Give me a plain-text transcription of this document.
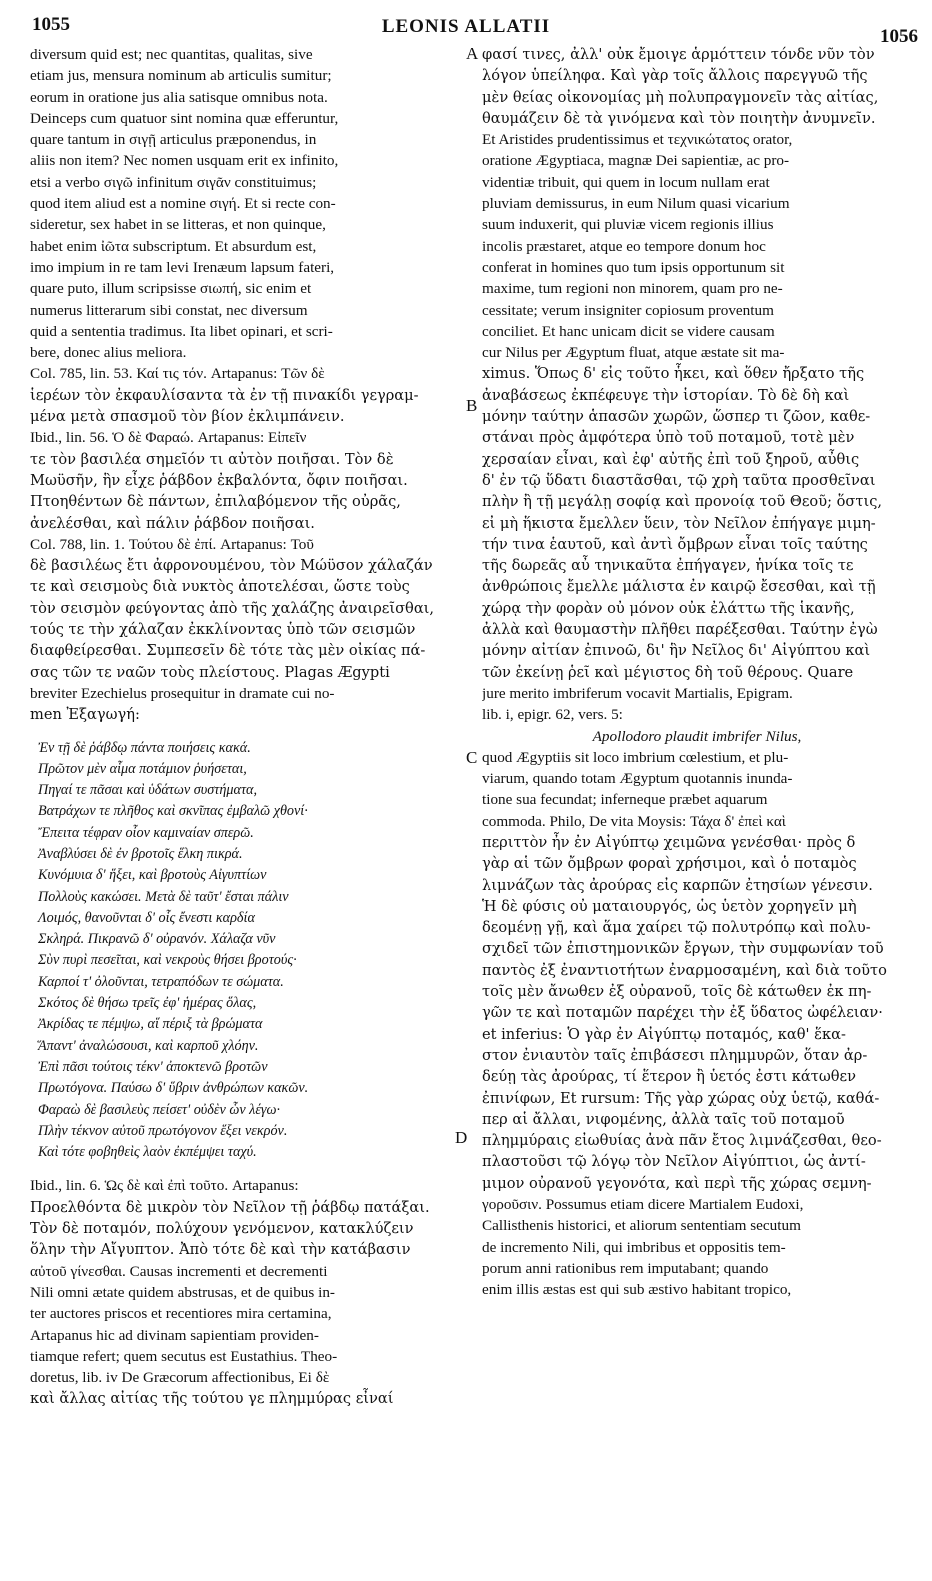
1055	LEONIS ALLATII	1056
A
B
C
D
diversum quid est; nec quantitas, qualitas, sive
etiam jus, mensura nominum ab articulis sumitur;
eorum in oratione jus alia satisque omnibus nota.
Deinceps cum quatuor sint nomina quæ efferuntur,
quare tantum in σιγῇ articulus præponendus, in
aliis non item? Nec nomen usquam erit ex infinito,
etsi a verbo σιγῶ infinitum σιγᾶν constituimus;
quod item aliud est a nomine σιγή. Et si recte con-
sideretur, sex habet in se litteras, et non quinque,
habet enim ἰῶτα subscriptum. Et absurdum est,
imo impium in re tam levi Irenæum lapsum fateri,
quare puto, illum scripsisse σιωπή, sic enim et
numerus litterarum sibi constat, nec diversum
quid a sententia tradimus. Ita libet opinari, et scri-
bere, donec alius meliora.
Col. 785, lin. 53. Καί τις τόν. Artapanus: Τῶν δὲ
ἱερέων τὸν ἐκφαυλίσαντα τὰ ἐν τῇ πινακίδι γεγραμ-
μένα μετὰ σπασμοῦ τὸν βίον ἐκλιμπάνειν.
Ibid., lin. 56. Ὁ δὲ Φαραώ. Artapanus: Εἰπεῖν
τε τὸν βασιλέα σημεῖόν τι αὐτὸν ποιῆσαι. Τὸν δὲ
Μωϋσῆν, ἣν εἶχε ῥάβδον ἐκβαλόντα, ὄφιν ποιῆσαι.
Πτοηθέντων δὲ πάντων, ἐπιλαβόμενον τῆς οὐρᾶς,
ἀνελέσθαι, καὶ πάλιν ῥάβδον ποιῆσαι.
Col. 788, lin. 1. Τούτου δὲ ἐπί. Artapanus: Τοῦ
δὲ βασιλέως ἔτι ἀφρονουμένου, τὸν Μώϋσον χάλαζάν
τε καὶ σεισμοὺς διὰ νυκτὸς ἀποτελέσαι, ὥστε τοὺς
τὸν σεισμὸν φεύγοντας ἀπὸ τῆς χαλάζης ἀναιρεῖσθαι,
τούς τε τὴν χάλαζαν ἐκκλίνοντας ὑπὸ τῶν σεισμῶν
διαφθείρεσθαι. Συμπεσεῖν δὲ τότε τὰς μὲν οἰκίας πά-
σας τῶν τε ναῶν τοὺς πλείστους. Plagas Ægypti
breviter Ezechielus prosequitur in dramate cui no-
men Ἐξαγωγή:
Ἐν τῇ δὲ ῥάβδῳ πάντα ποιήσεις κακά.
Πρῶτον μὲν αἷμα ποτάμιον ῥυήσεται,
Πηγαί τε πᾶσαι καὶ ὑδάτων συστήματα,
Βατράχων τε πλῆθος καὶ σκνῖπας ἐμβαλῶ χθονί·
Ἔπειτα τέφραν οἶον καμιναίαν σπερῶ.
Ἀναβλύσει δὲ ἐν βροτοῖς ἕλκη πικρά.
Κυνόμυια δ' ἥξει, καὶ βροτοὺς Αἰγυπτίων
Πολλοὺς κακώσει. Μετὰ δὲ ταῦτ' ἔσται πάλιν
Λοιμός, θανοῦνται δ' οἷς ἔνεστι καρδία
Σκληρά. Πικρανῶ δ' οὐρανόν. Χάλαζα νῦν
Σὺν πυρὶ πεσεῖται, καὶ νεκροὺς θήσει βροτούς·
Καρποί τ' ὀλοῦνται, τετραπόδων τε σώματα.
Σκότος δὲ θήσω τρεῖς ἐφ' ἡμέρας ὅλας,
Ἀκρίδας τε πέμψω, αἵ πέριξ τὰ βρώματα
Ἅπαντ' ἀναλώσουσι, καὶ καρποῦ χλόην.
Ἐπὶ πᾶσι τούτοις τέκν' ἀποκτενῶ βροτῶν
Πρωτόγονα. Παύσω δ' ὕβριν ἀνθρώπων κακῶν.
Φαραὼ δὲ βασιλεὺς πείσετ' οὐδὲν ὧν λέγω·
Πλὴν τέκνον αὐτοῦ πρωτόγονον ἕξει νεκρόν.
Καὶ τότε φοβηθεὶς λαὸν ἐκπέμψει ταχύ.
Ibid., lin. 6. Ὡς δὲ καὶ ἐπὶ τοῦτο. Artapanus:
Προελθόντα δὲ μικρὸν τὸν Νεῖλον τῇ ῥάβδῳ πατάξαι.
Τὸν δὲ ποταμόν, πολύχουν γενόμενον, κατακλύζειν
ὅλην τὴν Αἴγυπτον. Ἀπὸ τότε δὲ καὶ τὴν κατάβασιν
αὐτοῦ γίνεσθαι. Causas incrementi et decrementi
Nili omni ætate quidem abstrusas, et de quibus in-
ter auctores priscos et recentiores mira certamina,
Artapanus hic ad divinam sapientiam providen-
tiamque refert; quem secutus est Eustathius. Theo-
doretus, lib. iv De Græcorum affectionibus, Ei δὲ
καὶ ἄλλας αἰτίας τῆς τούτου γε πλημμύρας εἶναί
φασί τινες, ἀλλ' οὐκ ἔμοιγε ἁρμόττειν τόνδε νῦν τὸν
λόγον ὑπείληφα. Καὶ γὰρ τοῖς ἄλλοις παρεγγυῶ τῆς
μὲν θείας οἰκονομίας μὴ πολυπραγμονεῖν τὰς αἰτίας,
θαυμάζειν δὲ τὰ γινόμενα καὶ τὸν ποιητὴν ἀνυμνεῖν.
Et Aristides prudentissimus et τεχνικώτατος orator,
oratione Ægyptiaca, magnæ Dei sapientiæ, ac pro-
videntiæ tribuit, qui quem in locum nullam erat
pluviam demissurus, in eum Nilum quasi vicarium
suum induxerit, qui pluviæ vicem regionis illius
incolis præstaret, atque eo tempore donum hoc
conferat in homines quo tum ipsis opportunum sit
maxime, tum regioni non minorem, quam pro ne-
cessitate; verum insigniter copiosum proventum
conciliet. Et hanc unicam dicit se videre causam
cur Nilus per Ægyptum fluat, atque æstate sit ma-
ximus. Ὅπως δ' εἰς τοῦτο ἧκει, καὶ ὅθεν ἤρξατο τῆς
ἀναβάσεως ἐκπέφευγε τὴν ἱστορίαν. Τὸ δὲ δὴ καὶ
μόνην ταύτην ἁπασῶν χωρῶν, ὥσπερ τι ζῶον, καθε-
στάναι πρὸς ἀμφότερα ὑπὸ τοῦ ποταμοῦ, τοτὲ μὲν
χερσαίαν εἶναι, καὶ ἐφ' αὐτῆς ἐπὶ τοῦ ξηροῦ, αὖθις
δ' ἐν τῷ ὕδατι διαστᾶσθαι, τῷ χρὴ ταῦτα προσθεῖναι
πλὴν ἢ τῇ μεγάλῃ σοφίᾳ καὶ προνοίᾳ τοῦ Θεοῦ; ὅστις,
εἰ μὴ ἥκιστα ἔμελλεν ὕειν, τὸν Νεῖλον ἐπήγαγε μιμη-
τήν τινα ἑαυτοῦ, καὶ ἀντὶ ὄμβρων εἶναι τοῖς ταύτης
τῆς δωρεᾶς αὖ τηνικαῦτα ἐπήγαγεν, ἡνίκα τοῖς τε
ἀνθρώποις ἔμελλε μάλιστα ἐν καιρῷ ἔσεσθαι, καὶ τῇ
χώρᾳ τὴν φορὰν οὐ μόνον οὐκ ἐλάττω τῆς ἱκανῆς,
ἀλλὰ καὶ θαυμαστὴν πλῆθει παρέξεσθαι. Ταύτην ἐγὼ
μόνην αἰτίαν ἐπινοῶ, δι' ἣν Νεῖλος δι' Αἰγύπτου καὶ
τῶν ἐκείνῃ ῥεῖ καὶ μέγιστος δὴ τοῦ θέρους. Quare
jure merito imbriferum vocavit Martialis, Epigram.
lib. i, epigr. 62, vers. 5:
Apollodoro plaudit imbrifer Nilus,
quod Ægyptiis sit loco imbrium cœlestium, et plu-
viarum, quando totam Ægyptum quotannis inunda-
tione sua fecundat; inferneque præbet aquarum
commoda. Philo, De vita Moysis: Τάχα δ' ἐπεὶ καὶ
περιττὸν ἦν ἐν Αἰγύπτῳ χειμῶνα γενέσθαι· πρὸς δ
γὰρ αἱ τῶν ὄμβρων φοραὶ χρήσιμοι, καὶ ὁ ποταμὸς
λιμνάζων τὰς ἀρούρας εἰς καρπῶν ἐτησίων γένεσιν.
Ἡ δὲ φύσις οὐ ματαιουργός, ὡς ὑετὸν χορηγεῖν μὴ
δεομένῃ γῇ, καὶ ἅμα χαίρει τῷ πολυτρόπῳ καὶ πολυ-
σχιδεῖ τῶν ἐπιστημονικῶν ἔργων, τὴν συμφωνίαν τοῦ
παντὸς ἐξ ἐναντιοτήτων ἐναρμοσαμένη, καὶ διὰ τοῦτο
τοῖς μὲν ἄνωθεν ἐξ οὐρανοῦ, τοῖς δὲ κάτωθεν ἐκ πη-
γῶν τε καὶ ποταμῶν παρέχει τὴν ἐξ ὕδατος ὠφέλειαν·
et inferius: Ὁ γὰρ ἐν Αἰγύπτῳ ποταμός, καθ' ἕκα-
στον ἐνιαυτὸν ταῖς ἐπιβάσεσι πλημμυρῶν, ὅταν ἀρ-
δεύῃ τὰς ἀρούρας, τί ἕτερον ἢ ὑετός ἐστι κάτωθεν
ἐπινίφων, Et rursum: Τῆς γὰρ χώρας οὐχ ὑετῷ, καθά-
περ αἱ ἄλλαι, νιφομένης, ἀλλὰ ταῖς τοῦ ποταμοῦ
πλημμύραις εἰωθυίας ἀνὰ πᾶν ἔτος λιμνάζεσθαι, θεο-
πλαστοῦσι τῷ λόγῳ τὸν Νεῖλον Αἰγύπτιοι, ὡς ἀντί-
μιμον οὐρανοῦ γεγονότα, καὶ περὶ τῆς χώρας σεμνη-
γοροῦσιν. Possumus etiam dicere Martialem Eudoxi,
Callisthenis historici, et aliorum sententiam secutum
de incremento Nili, qui imbribus et oppositis tem-
porum anni rationibus rem imputabant; quando
enim illis æstas est qui sub æstivo habitant tropico,
